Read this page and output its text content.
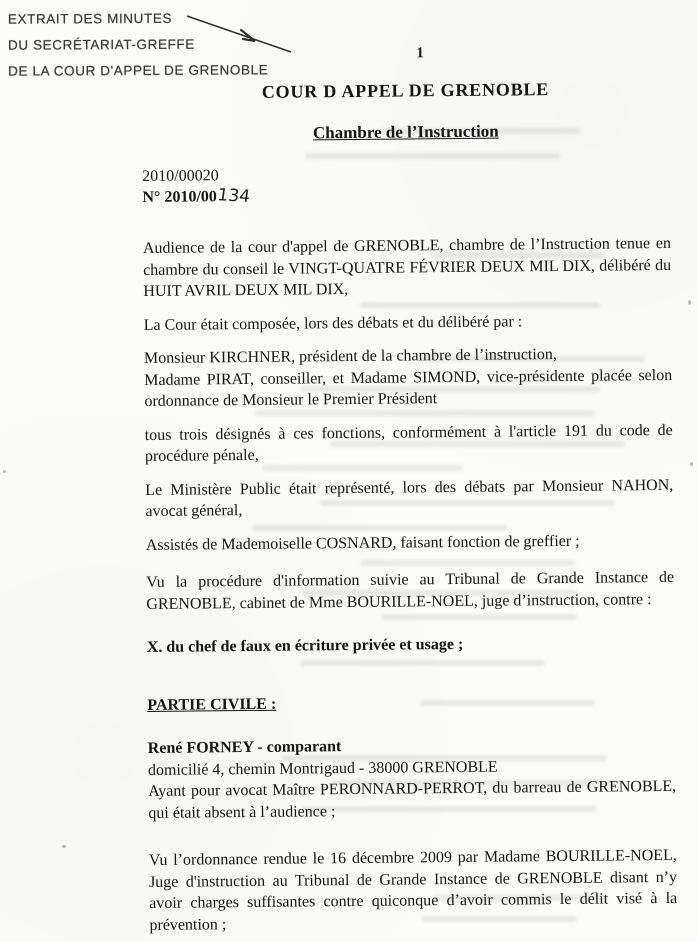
EXTRAIT DES MINUTES
DU SECRÉTARIAT-GREFFE
DE LA COUR D'APPEL DE GRENOBLE
1
COUR D APPEL DE GRENOBLE
Chambre de l’Instruction
2010/00020
N° 2010/00134

Audience de la cour d'appel de GRENOBLE, chambre de l’Instruction tenue en chambre du conseil le VINGT-QUATRE FÉVRIER DEUX MIL DIX, délibéré du HUIT AVRIL DEUX MIL DIX,

La Cour était composée, lors des débats et du délibéré par :

Monsieur KIRCHNER, président de la chambre de l’instruction,
Madame PIRAT, conseiller, et Madame SIMOND, vice-présidente placée selon ordonnance de Monsieur le Premier Président

tous trois désignés à ces fonctions, conformément à l'article 191 du code de procédure pénale,

Le Ministère Public était représenté, lors des débats par Monsieur NAHON, avocat général,

Assistés de Mademoiselle COSNARD, faisant fonction de greffier ;

Vu la procédure d'information suivie au Tribunal de Grande Instance de GRENOBLE, cabinet de Mme BOURILLE-NOEL, juge d’instruction, contre :

X. du chef de faux en écriture privée et usage ;

PARTIE CIVILE :

René FORNEY - comparant
domicilié 4, chemin Montrigaud - 38000 GRENOBLE
Ayant pour avocat Maître PERONNARD-PERROT, du barreau de GRENOBLE, qui était absent à l’audience ;

Vu l’ordonnance rendue le 16 décembre 2009 par Madame BOURILLE-NOEL, Juge d'instruction au Tribunal de Grande Instance de GRENOBLE disant n’y avoir charges suffisantes contre quiconque d’avoir commis le délit visé à la prévention ;
